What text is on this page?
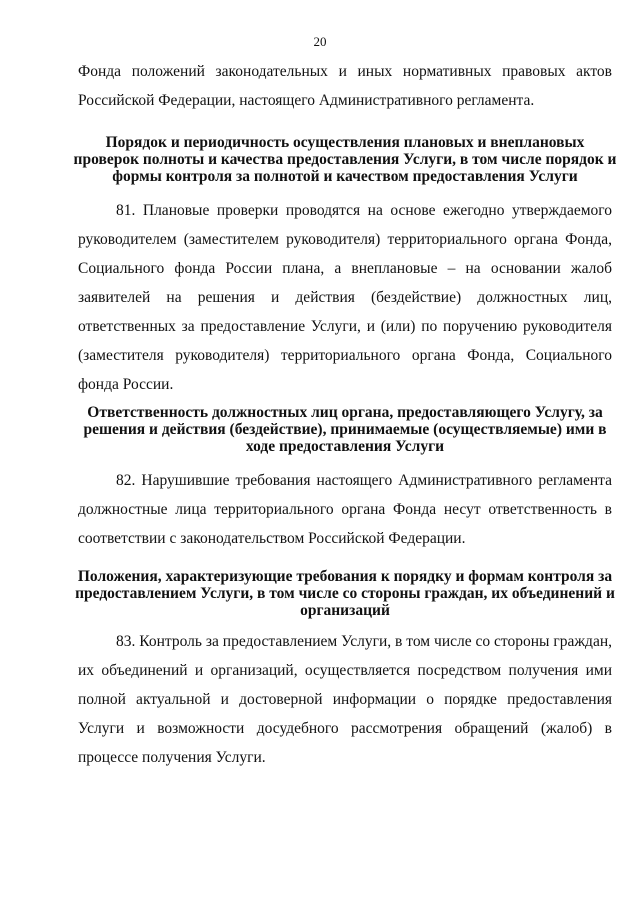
20

Фонда положений законодательных и иных нормативных правовых актов Российской Федерации, настоящего Административного регламента.

Порядок и периодичность осуществления плановых и внеплановых проверок полноты и качества предоставления Услуги, в том числе порядок и формы контроля за полнотой и качеством предоставления Услуги

81. Плановые проверки проводятся на основе ежегодно утверждаемого руководителем (заместителем руководителя) территориального органа Фонда, Социального фонда России плана, а внеплановые – на основании жалоб заявителей на решения и действия (бездействие) должностных лиц, ответственных за предоставление Услуги, и (или) по поручению руководителя (заместителя руководителя) территориального органа Фонда, Социального фонда России.

Ответственность должностных лиц органа, предоставляющего Услугу, за решения и действия (бездействие), принимаемые (осуществляемые) ими в ходе предоставления Услуги

82. Нарушившие требования настоящего Административного регламента должностные лица территориального органа Фонда несут ответственность в соответствии с законодательством Российской Федерации.

Положения, характеризующие требования к порядку и формам контроля за предоставлением Услуги, в том числе со стороны граждан, их объединений и организаций

83. Контроль за предоставлением Услуги, в том числе со стороны граждан, их объединений и организаций, осуществляется посредством получения ими полной актуальной и достоверной информации о порядке предоставления Услуги и возможности досудебного рассмотрения обращений (жалоб) в процессе получения Услуги.
